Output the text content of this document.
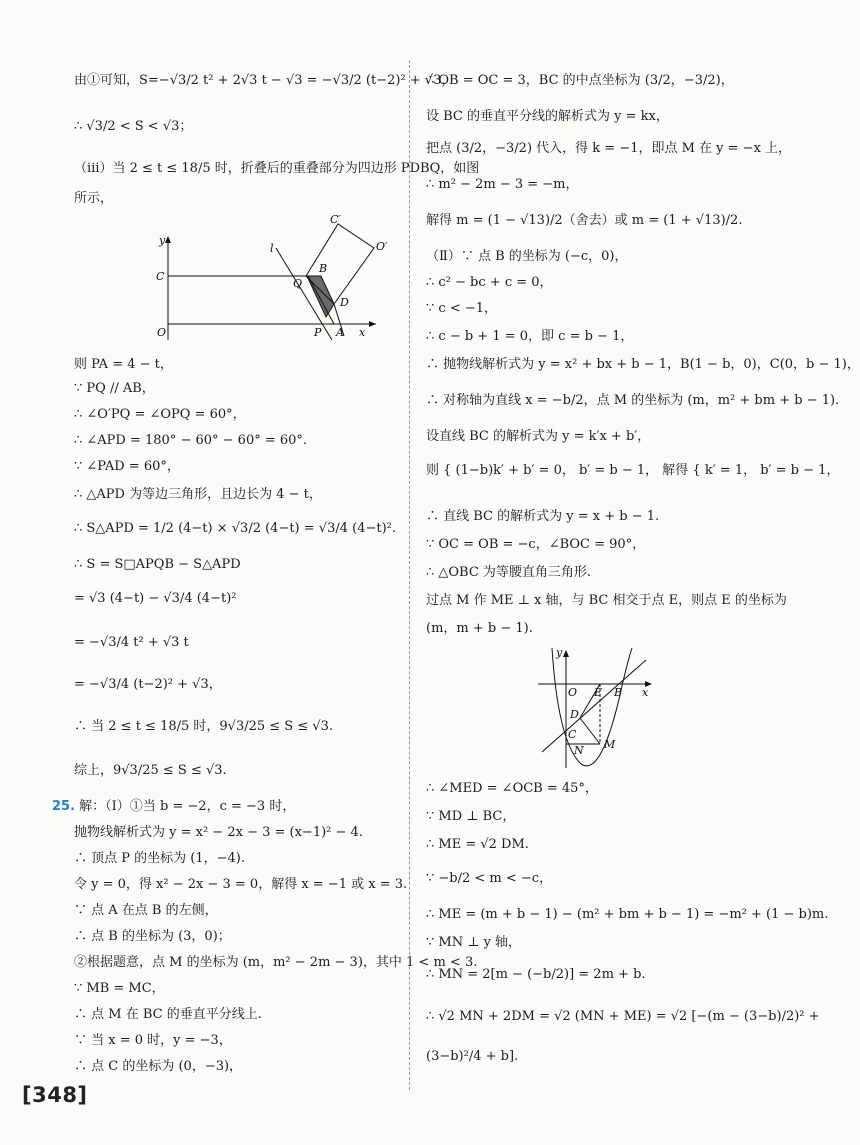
由①可知，S=−√3/2 t² + 2√3 t − √3 = −√3/2 (t−2)² + √3，
∴ √3/2 < S < √3；
（ⅲ）当 2 ≤ t ≤ 18/5 时，折叠后的重叠部分为四边形 PDBQ，如图
所示，
C′
O′
y
l
B
C
Q
D
O	P A x
则 PA = 4 − t，
∵ PQ // AB，
∴ ∠O′PQ = ∠OPQ = 60°，
∴ ∠APD = 180° − 60° − 60° = 60°.
∵ ∠PAD = 60°，
∴ △APD 为等边三角形，且边长为 4 − t，
∴ S△APD = 1/2 (4−t) × √3/2 (4−t) = √3/4 (4−t)².
∴ S = S□APQB − S△APD
= √3 (4−t) − √3/4 (4−t)²
= −√3/4 t² + √3 t
= −√3/4 (t−2)² + √3，
∴ 当 2 ≤ t ≤ 18/5 时，9√3/25 ≤ S ≤ √3.
综上，9√3/25 ≤ S ≤ √3.
25. 解：（Ⅰ）①当 b = −2，c = −3 时，
抛物线解析式为 y = x² − 2x − 3 = (x−1)² − 4.
∴ 顶点 P 的坐标为 (1，−4).
令 y = 0，得 x² − 2x − 3 = 0，解得 x = −1 或 x = 3.
∵ 点 A 在点 B 的左侧，
∴ 点 B 的坐标为 (3，0)；
②根据题意，点 M 的坐标为 (m，m² − 2m − 3)，其中 1 < m < 3.
∵ MB = MC，
∴ 点 M 在 BC 的垂直平分线上.
∵ 当 x = 0 时，y = −3，
∴ 点 C 的坐标为 (0，−3)，
∴ OB = OC = 3，BC 的中点坐标为 (3/2，−3/2)，
设 BC 的垂直平分线的解析式为 y = kx，
把点 (3/2，−3/2) 代入，得 k = −1，即点 M 在 y = −x 上，
∴ m² − 2m − 3 = −m，
解得 m = (1 − √13)/2（舍去）或 m = (1 + √13)/2.
（Ⅱ）∵ 点 B 的坐标为 (−c，0)，
∴ c² − bc + c = 0，
∵ c < −1，
∴ c − b + 1 = 0，即 c = b − 1，
∴ 抛物线解析式为 y = x² + bx + b − 1，B(1 − b，0)，C(0，b − 1)，
∴ 对称轴为直线 x = −b/2，点 M 的坐标为 (m，m² + bm + b − 1).
设直线 BC 的解析式为 y = k′x + b′，
则 { (1−b)k′ + b′ = 0， b′ = b − 1， 解得 { k′ = 1， b′ = b − 1，
∴ 直线 BC 的解析式为 y = x + b − 1.
∵ OC = OB = −c，∠BOC = 90°，
∴ △OBC 为等腰直角三角形.
过点 M 作 ME ⊥ x 轴，与 BC 相交于点 E，则点 E 的坐标为
(m，m + b − 1).
y
O E B x
D
C
N M
∴ ∠MED = ∠OCB = 45°，
∵ MD ⊥ BC，
∴ ME = √2 DM.
∵ −b/2 < m < −c，
∴ ME = (m + b − 1) − (m² + bm + b − 1) = −m² + (1 − b)m.
∵ MN ⊥ y 轴，
∴ MN = 2[m − (−b/2)] = 2m + b.
∴ √2 MN + 2DM = √2 (MN + ME) = √2 [−(m − (3−b)/2)² +
(3−b)²/4 + b].
[348]
